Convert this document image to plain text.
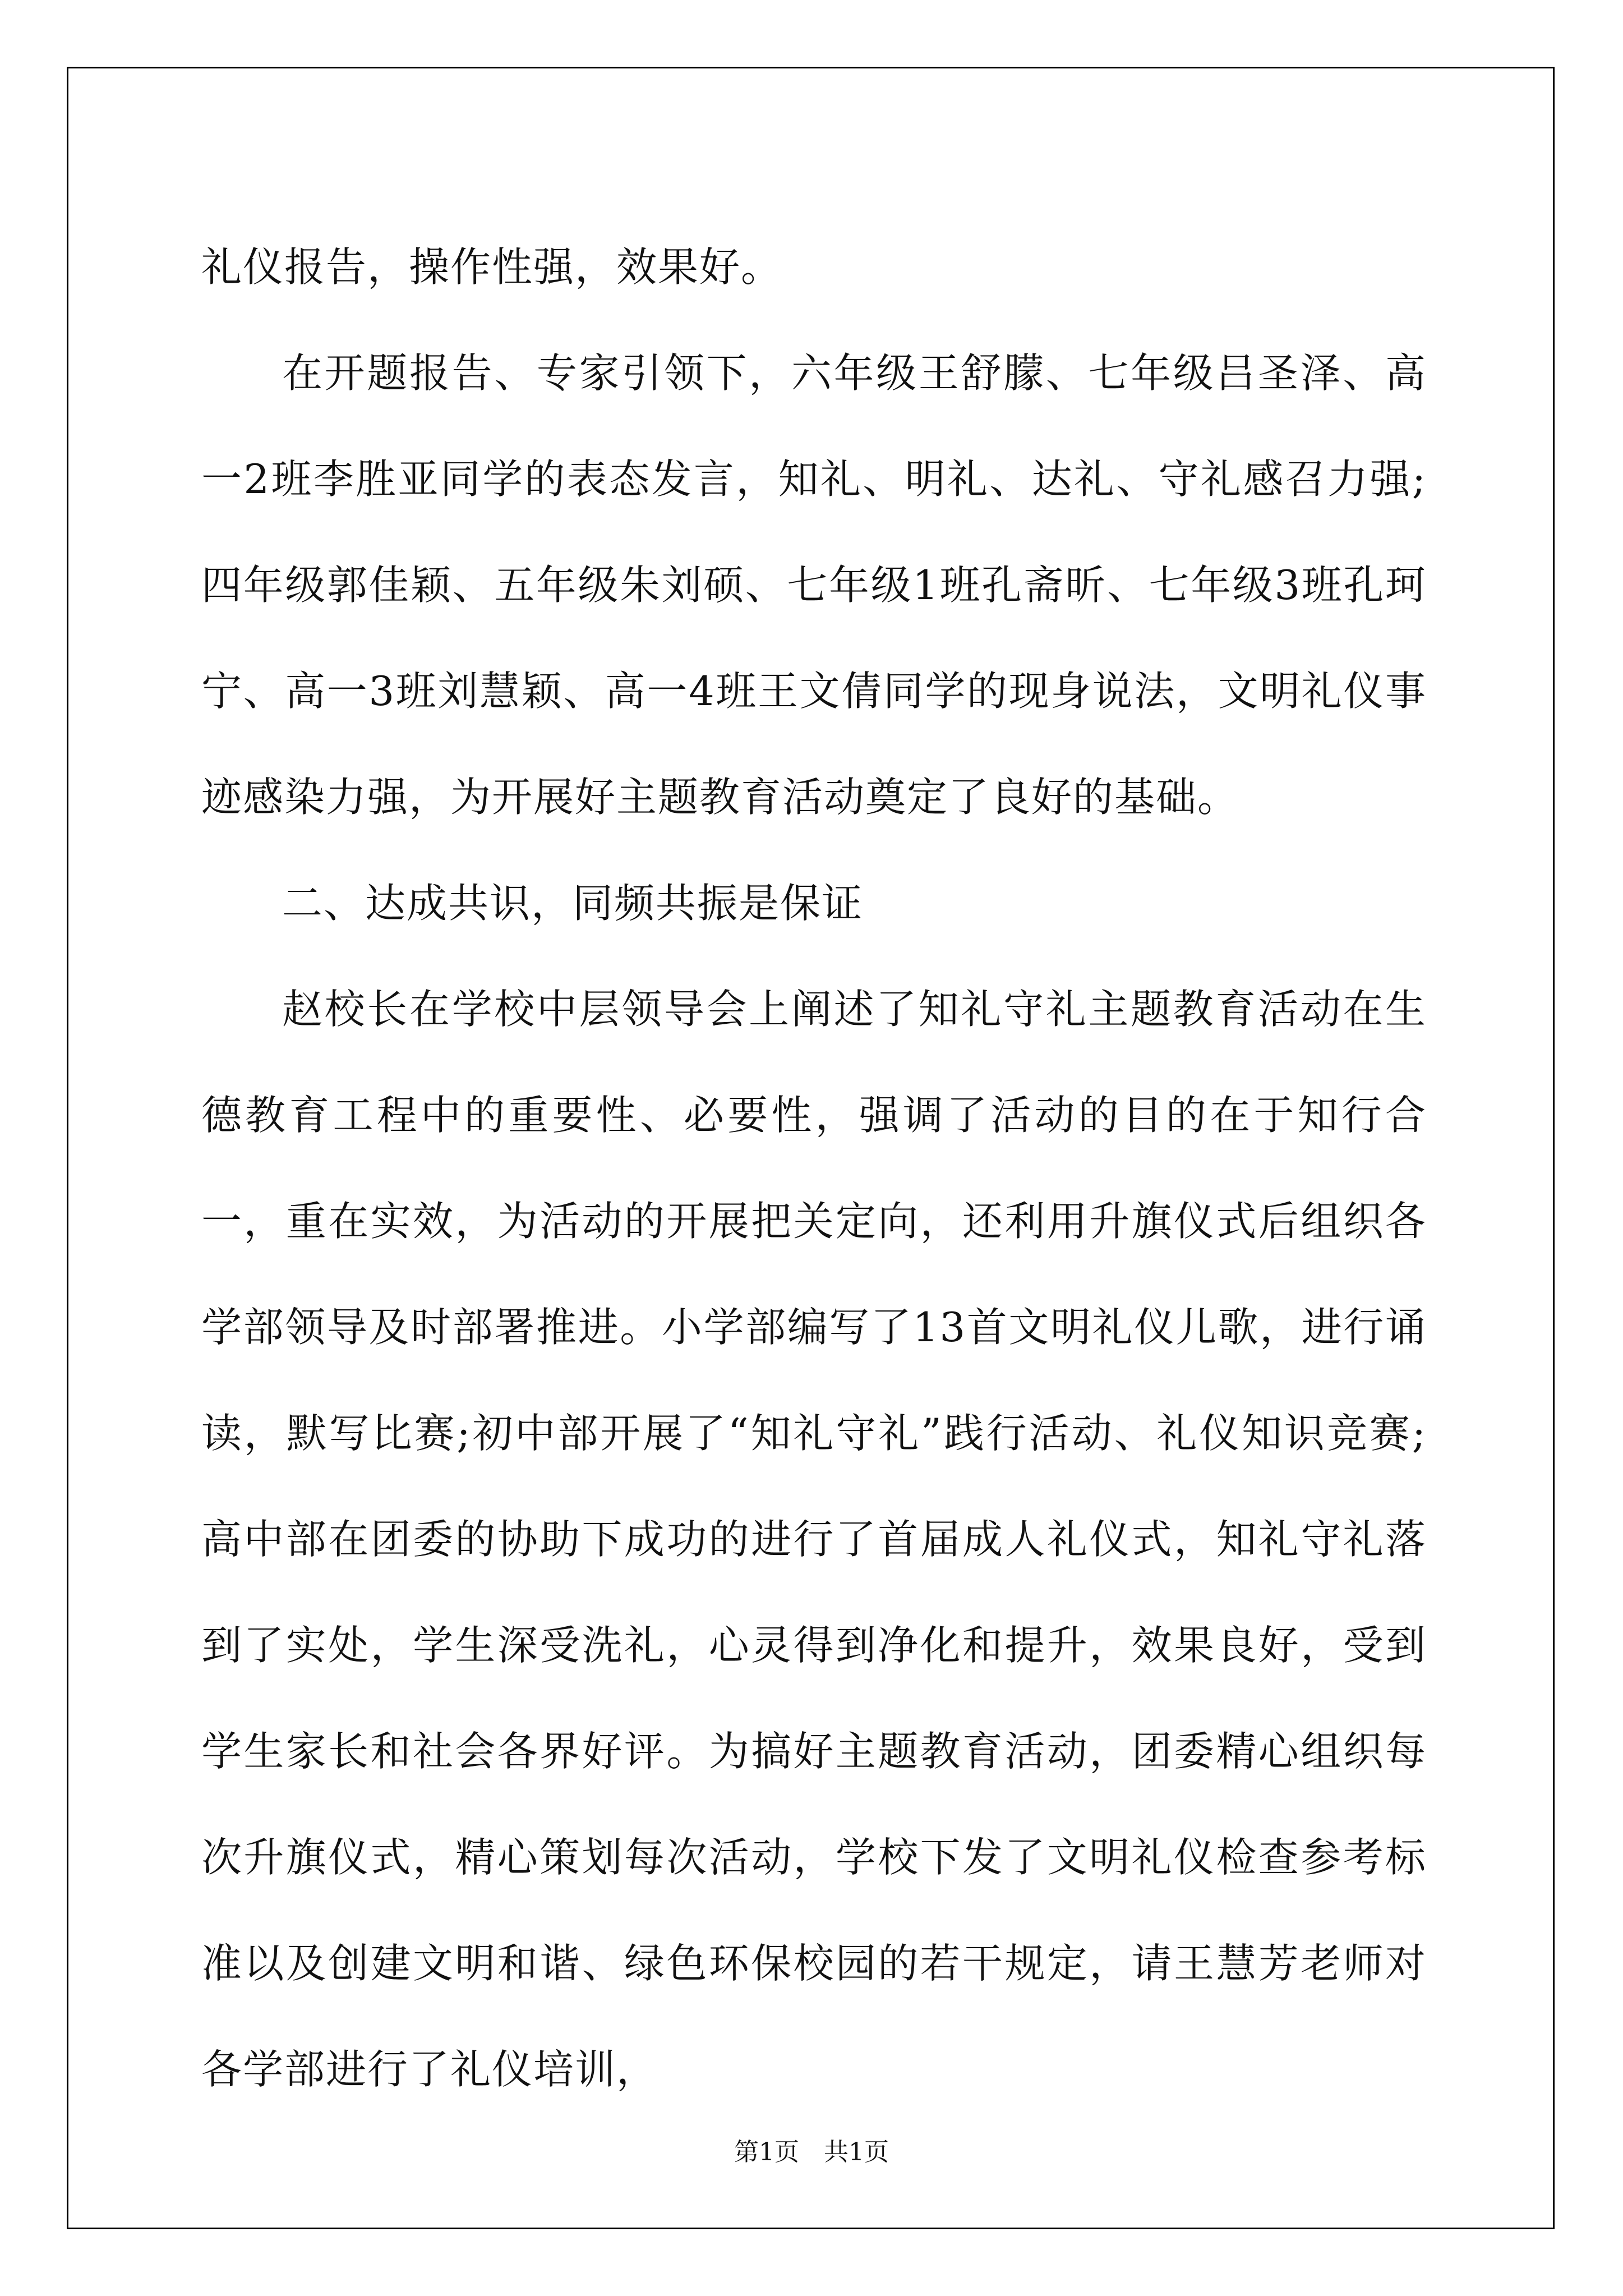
礼仪报告，操作性强，效果好。

在开题报告、专家引领下，六年级王舒朦、七年级吕圣泽、高一2班李胜亚同学的表态发言，知礼、明礼、达礼、守礼感召力强;四年级郭佳颖、五年级朱刘硕、七年级1班孔斋昕、七年级3班孔珂宁、高一3班刘慧颖、高一4班王文倩同学的现身说法，文明礼仪事迹感染力强，为开展好主题教育活动奠定了良好的基础。

二、达成共识，同频共振是保证

赵校长在学校中层领导会上阐述了知礼守礼主题教育活动在生德教育工程中的重要性、必要性，强调了活动的目的在于知行合一，重在实效，为活动的开展把关定向，还利用升旗仪式后组织各学部领导及时部署推进。小学部编写了13首文明礼仪儿歌，进行诵读，默写比赛;初中部开展了“知礼守礼”践行活动、礼仪知识竞赛;高中部在团委的协助下成功的进行了首届成人礼仪式，知礼守礼落到了实处，学生深受洗礼，心灵得到净化和提升，效果良好，受到学生家长和社会各界好评。为搞好主题教育活动，团委精心组织每次升旗仪式，精心策划每次活动，学校下发了文明礼仪检查参考标准以及创建文明和谐、绿色环保校园的若干规定，请王慧芳老师对各学部进行了礼仪培训，

第1页　共1页
